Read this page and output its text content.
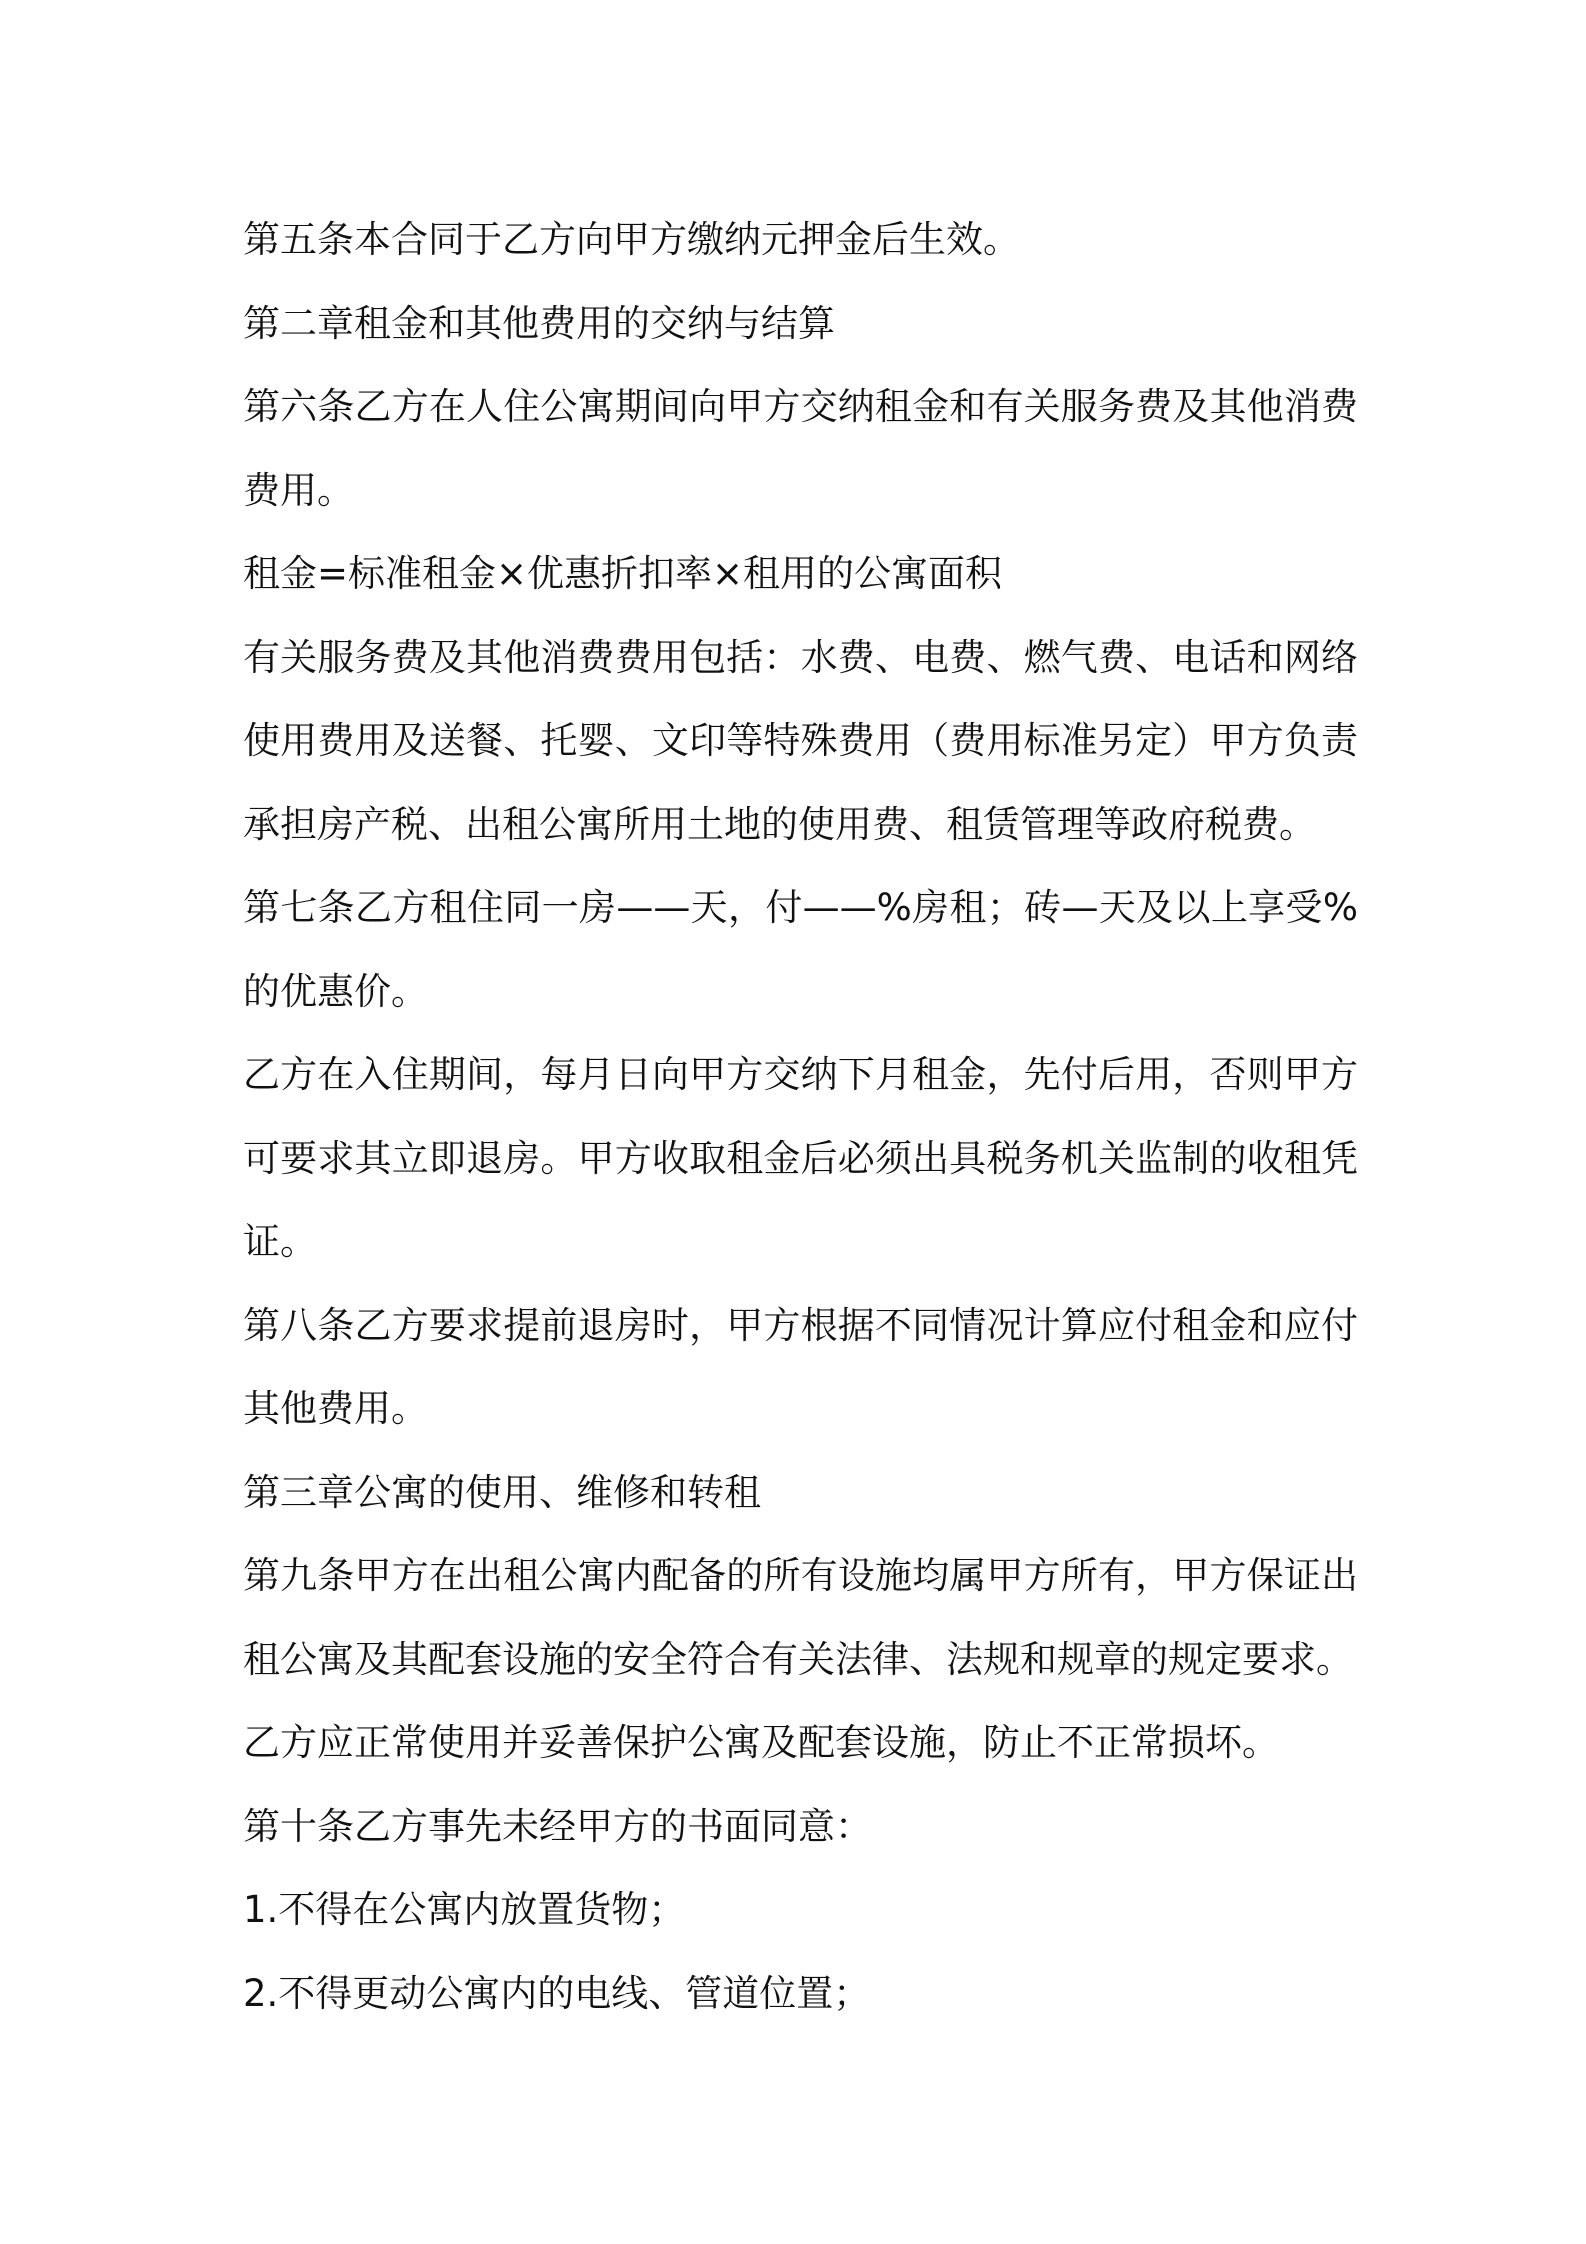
第五条本合同于乙方向甲方缴纳元押金后生效。

第二章租金和其他费用的交纳与结算

第六条乙方在人住公寓期间向甲方交纳租金和有关服务费及其他消费费用。

租金=标准租金×优惠折扣率×租用的公寓面积

有关服务费及其他消费费用包括：水费、电费、燃气费、电话和网络使用费用及送餐、托婴、文印等特殊费用（费用标准另定）甲方负责承担房产税、出租公寓所用土地的使用费、租赁管理等政府税费。

第七条乙方租住同一房——天，付——%房租；砖—天及以上享受%的优惠价。

乙方在入住期间，每月日向甲方交纳下月租金，先付后用，否则甲方可要求其立即退房。甲方收取租金后必须出具税务机关监制的收租凭证。

第八条乙方要求提前退房时，甲方根据不同情况计算应付租金和应付其他费用。

第三章公寓的使用、维修和转租

第九条甲方在出租公寓内配备的所有设施均属甲方所有，甲方保证出租公寓及其配套设施的安全符合有关法律、法规和规章的规定要求。

乙方应正常使用并妥善保护公寓及配套设施，防止不正常损坏。

第十条乙方事先未经甲方的书面同意：

1.不得在公寓内放置货物；

2.不得更动公寓内的电线、管道位置；
